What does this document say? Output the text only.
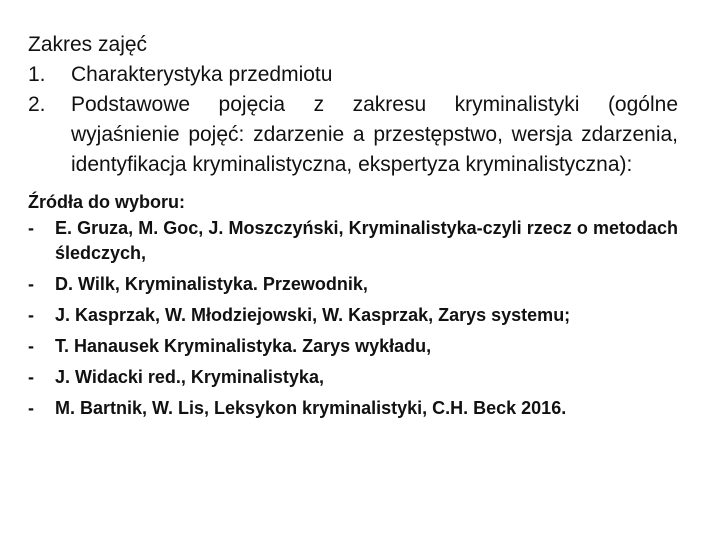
Zakres zajęć
1. Charakterystyka przedmiotu
2. Podstawowe pojęcia z zakresu kryminalistyki (ogólne wyjaśnienie pojęć: zdarzenie a przestępstwo, wersja zdarzenia, identyfikacja kryminalistyczna, ekspertyza kryminalistyczna):
Źródła do wyboru:
- E. Gruza, M. Goc, J. Moszczyński, Kryminalistyka-czyli rzecz o metodach śledczych,
- D. Wilk, Kryminalistyka. Przewodnik,
- J. Kasprzak, W. Młodziejowski, W. Kasprzak, Zarys systemu;
- T. Hanausek Kryminalistyka. Zarys wykładu,
- J. Widacki red., Kryminalistyka,
- M. Bartnik, W. Lis, Leksykon kryminalistyki, C.H. Beck 2016.
